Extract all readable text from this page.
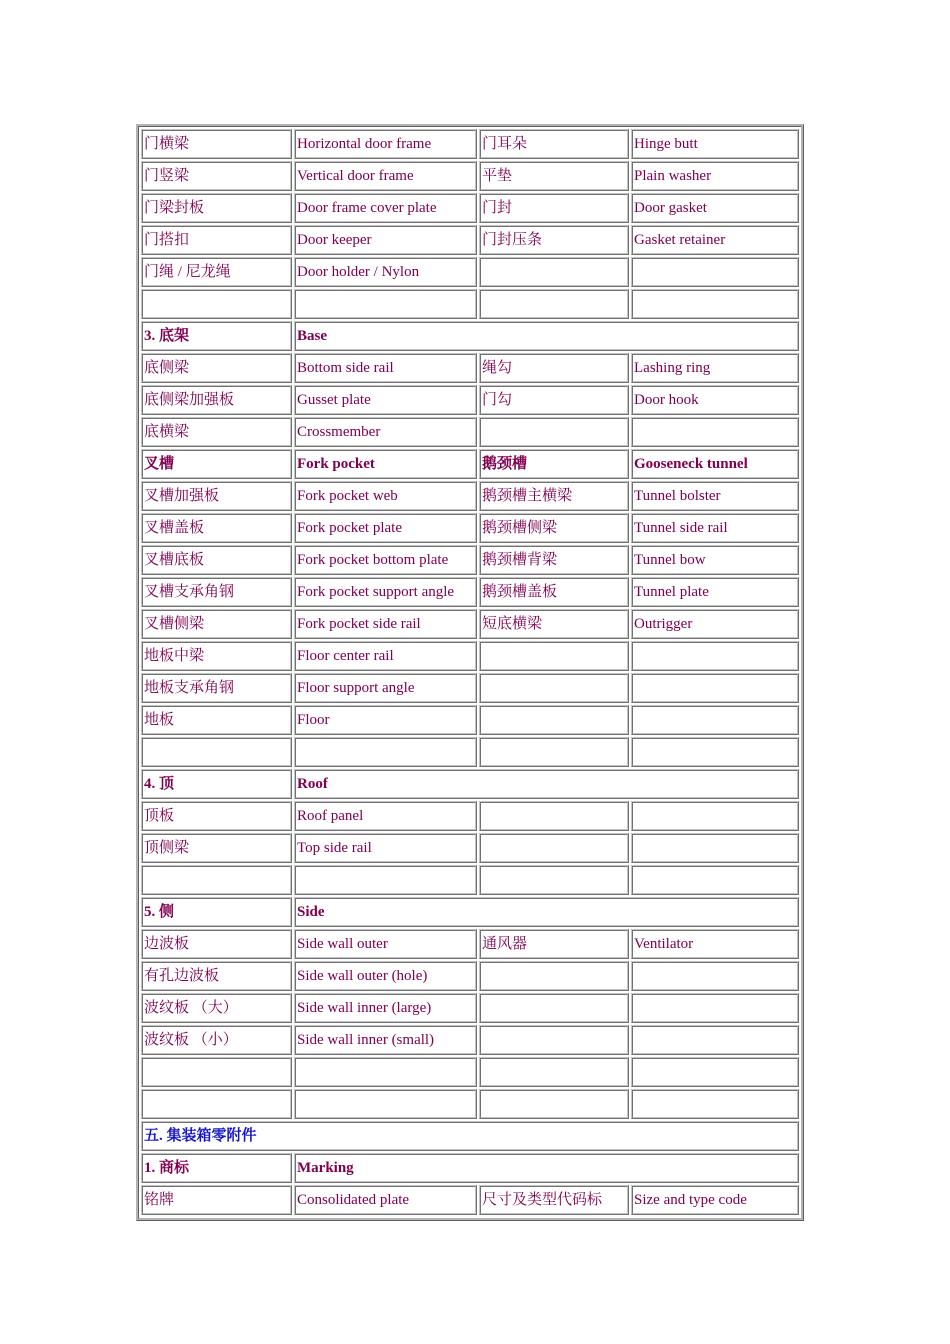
门横梁	Horizontal door frame	门耳朵	Hinge butt
门竖梁	Vertical door frame	平垫	Plain washer
门梁封板	Door frame cover plate	门封	Door gasket
门搭扣	Door keeper	门封压条	Gasket retainer
门绳 / 尼龙绳	Door holder / Nylon
3. 底架	Base
底侧梁	Bottom side rail	绳勾	Lashing ring
底侧梁加强板	Gusset plate	门勾	Door hook
底横梁	Crossmember
叉槽	Fork pocket	鹅颈槽	Gooseneck tunnel
叉槽加强板	Fork pocket web	鹅颈槽主横梁	Tunnel bolster
叉槽盖板	Fork pocket plate	鹅颈槽侧梁	Tunnel side rail
叉槽底板	Fork pocket bottom plate	鹅颈槽背梁	Tunnel bow
叉槽支承角钢	Fork pocket support angle	鹅颈槽盖板	Tunnel plate
叉槽侧梁	Fork pocket side rail	短底横梁	Outrigger
地板中梁	Floor center rail
地板支承角钢	Floor support angle
地板	Floor
4. 顶	Roof
顶板	Roof panel
顶侧梁	Top side rail
5. 侧	Side
边波板	Side wall outer	通风器	Ventilator
有孔边波板	Side wall outer (hole)
波纹板 （大）	Side wall inner (large)
波纹板 （小）	Side wall inner (small)
五. 集装箱零附件
1. 商标	Marking
铭牌	Consolidated plate	尺寸及类型代码标	Size and type code
